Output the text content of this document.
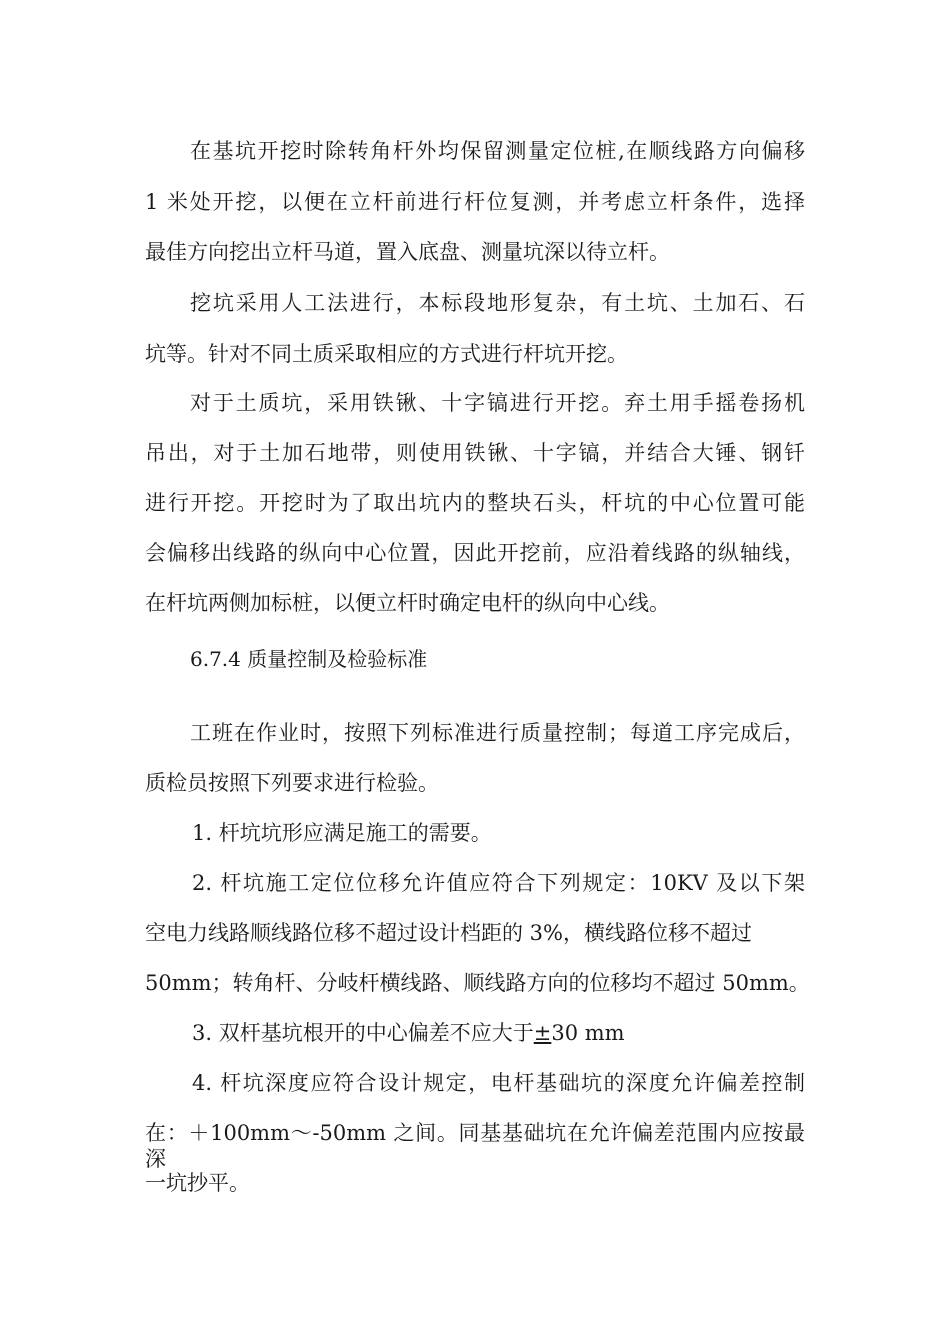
在基坑开挖时除转角杆外均保留测量定位桩,在顺线路方向偏移
1 米处开挖，以便在立杆前进行杆位复测，并考虑立杆条件，选择
最佳方向挖出立杆马道，置入底盘、测量坑深以待立杆。
挖坑采用人工法进行，本标段地形复杂，有土坑、土加石、石
坑等。针对不同土质采取相应的方式进行杆坑开挖。
对于土质坑，采用铁锹、十字镐进行开挖。弃土用手摇卷扬机
吊出，对于土加石地带，则使用铁锹、十字镐，并结合大锤、钢钎
进行开挖。开挖时为了取出坑内的整块石头，杆坑的中心位置可能
会偏移出线路的纵向中心位置，因此开挖前，应沿着线路的纵轴线，
在杆坑两侧加标桩，以便立杆时确定电杆的纵向中心线。
6.7.4 质量控制及检验标准
工班在作业时，按照下列标准进行质量控制；每道工序完成后，
质检员按照下列要求进行检验。
1. 杆坑坑形应满足施工的需要。
2. 杆坑施工定位位移允许值应符合下列规定：10KV 及以下架
空电力线路顺线路位移不超过设计档距的 3%，横线路位移不超过
50mm；转角杆、分岐杆横线路、顺线路方向的位移均不超过 50mm。
3. 双杆基坑根开的中心偏差不应大于±30 mm
4. 杆坑深度应符合设计规定，电杆基础坑的深度允许偏差控制
在：＋100mm～-50mm 之间。同基基础坑在允许偏差范围内应按最深
一坑抄平。
